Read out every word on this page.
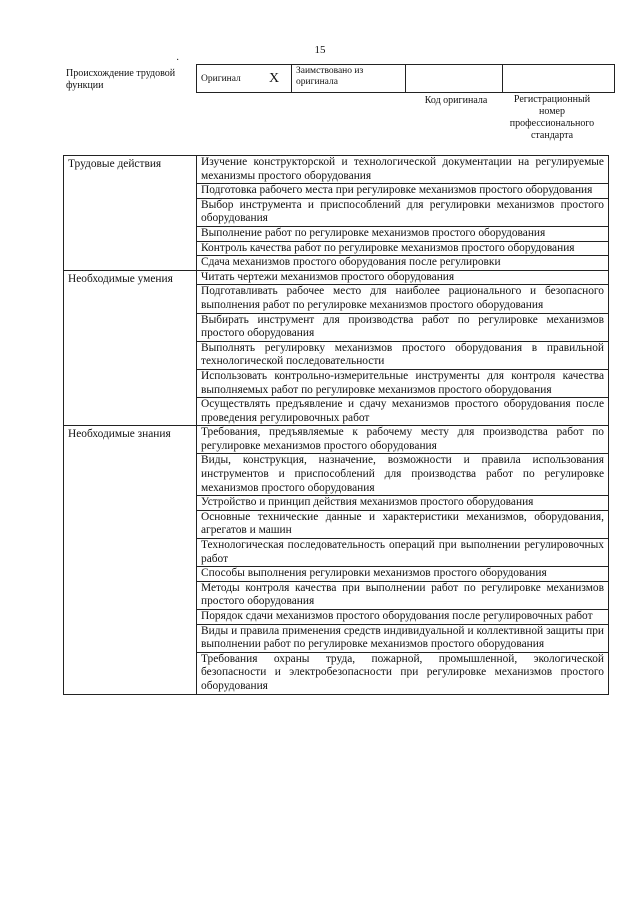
15
·
Происхождение трудовой функции
Оригинал	X	Заимствовано из оригинала		
Код оригинала	Регистрационный номер профессионального стандарта
Трудовые действия	Изучение конструкторской и технологической документации на регулируемые механизмы простого оборудования
	Подготовка рабочего места при регулировке механизмов простого оборудования
	Выбор инструмента и приспособлений для регулировки механизмов простого оборудования
	Выполнение работ по регулировке механизмов простого оборудования
	Контроль качества работ по регулировке механизмов простого оборудования
	Сдача механизмов простого оборудования после регулировки
Необходимые умения	Читать чертежи механизмов простого оборудования
	Подготавливать рабочее место для наиболее рационального и безопасного выполнения работ по регулировке механизмов простого оборудования
	Выбирать инструмент для производства работ по регулировке механизмов простого оборудования
	Выполнять регулировку механизмов простого оборудования в правильной технологической последовательности
	Использовать контрольно-измерительные инструменты для контроля качества выполняемых работ по регулировке механизмов простого оборудования
	Осуществлять предъявление и сдачу механизмов простого оборудования после проведения регулировочных работ
Необходимые знания	Требования, предъявляемые к рабочему месту для производства работ по регулировке механизмов простого оборудования
	Виды, конструкция, назначение, возможности и правила использования инструментов и приспособлений для производства работ по регулировке механизмов простого оборудования
	Устройство и принцип действия механизмов простого оборудования
	Основные технические данные и характеристики механизмов, оборудования, агрегатов и машин
	Технологическая последовательность операций при выполнении регулировочных работ
	Способы выполнения регулировки механизмов простого оборудования
	Методы контроля качества при выполнении работ по регулировке механизмов простого оборудования
	Порядок сдачи механизмов простого оборудования после регулировочных работ
	Виды и правила применения средств индивидуальной и коллективной защиты при выполнении работ по регулировке механизмов простого оборудования
	Требования охраны труда, пожарной, промышленной, экологической безопасности и электробезопасности при регулировке механизмов простого оборудования
